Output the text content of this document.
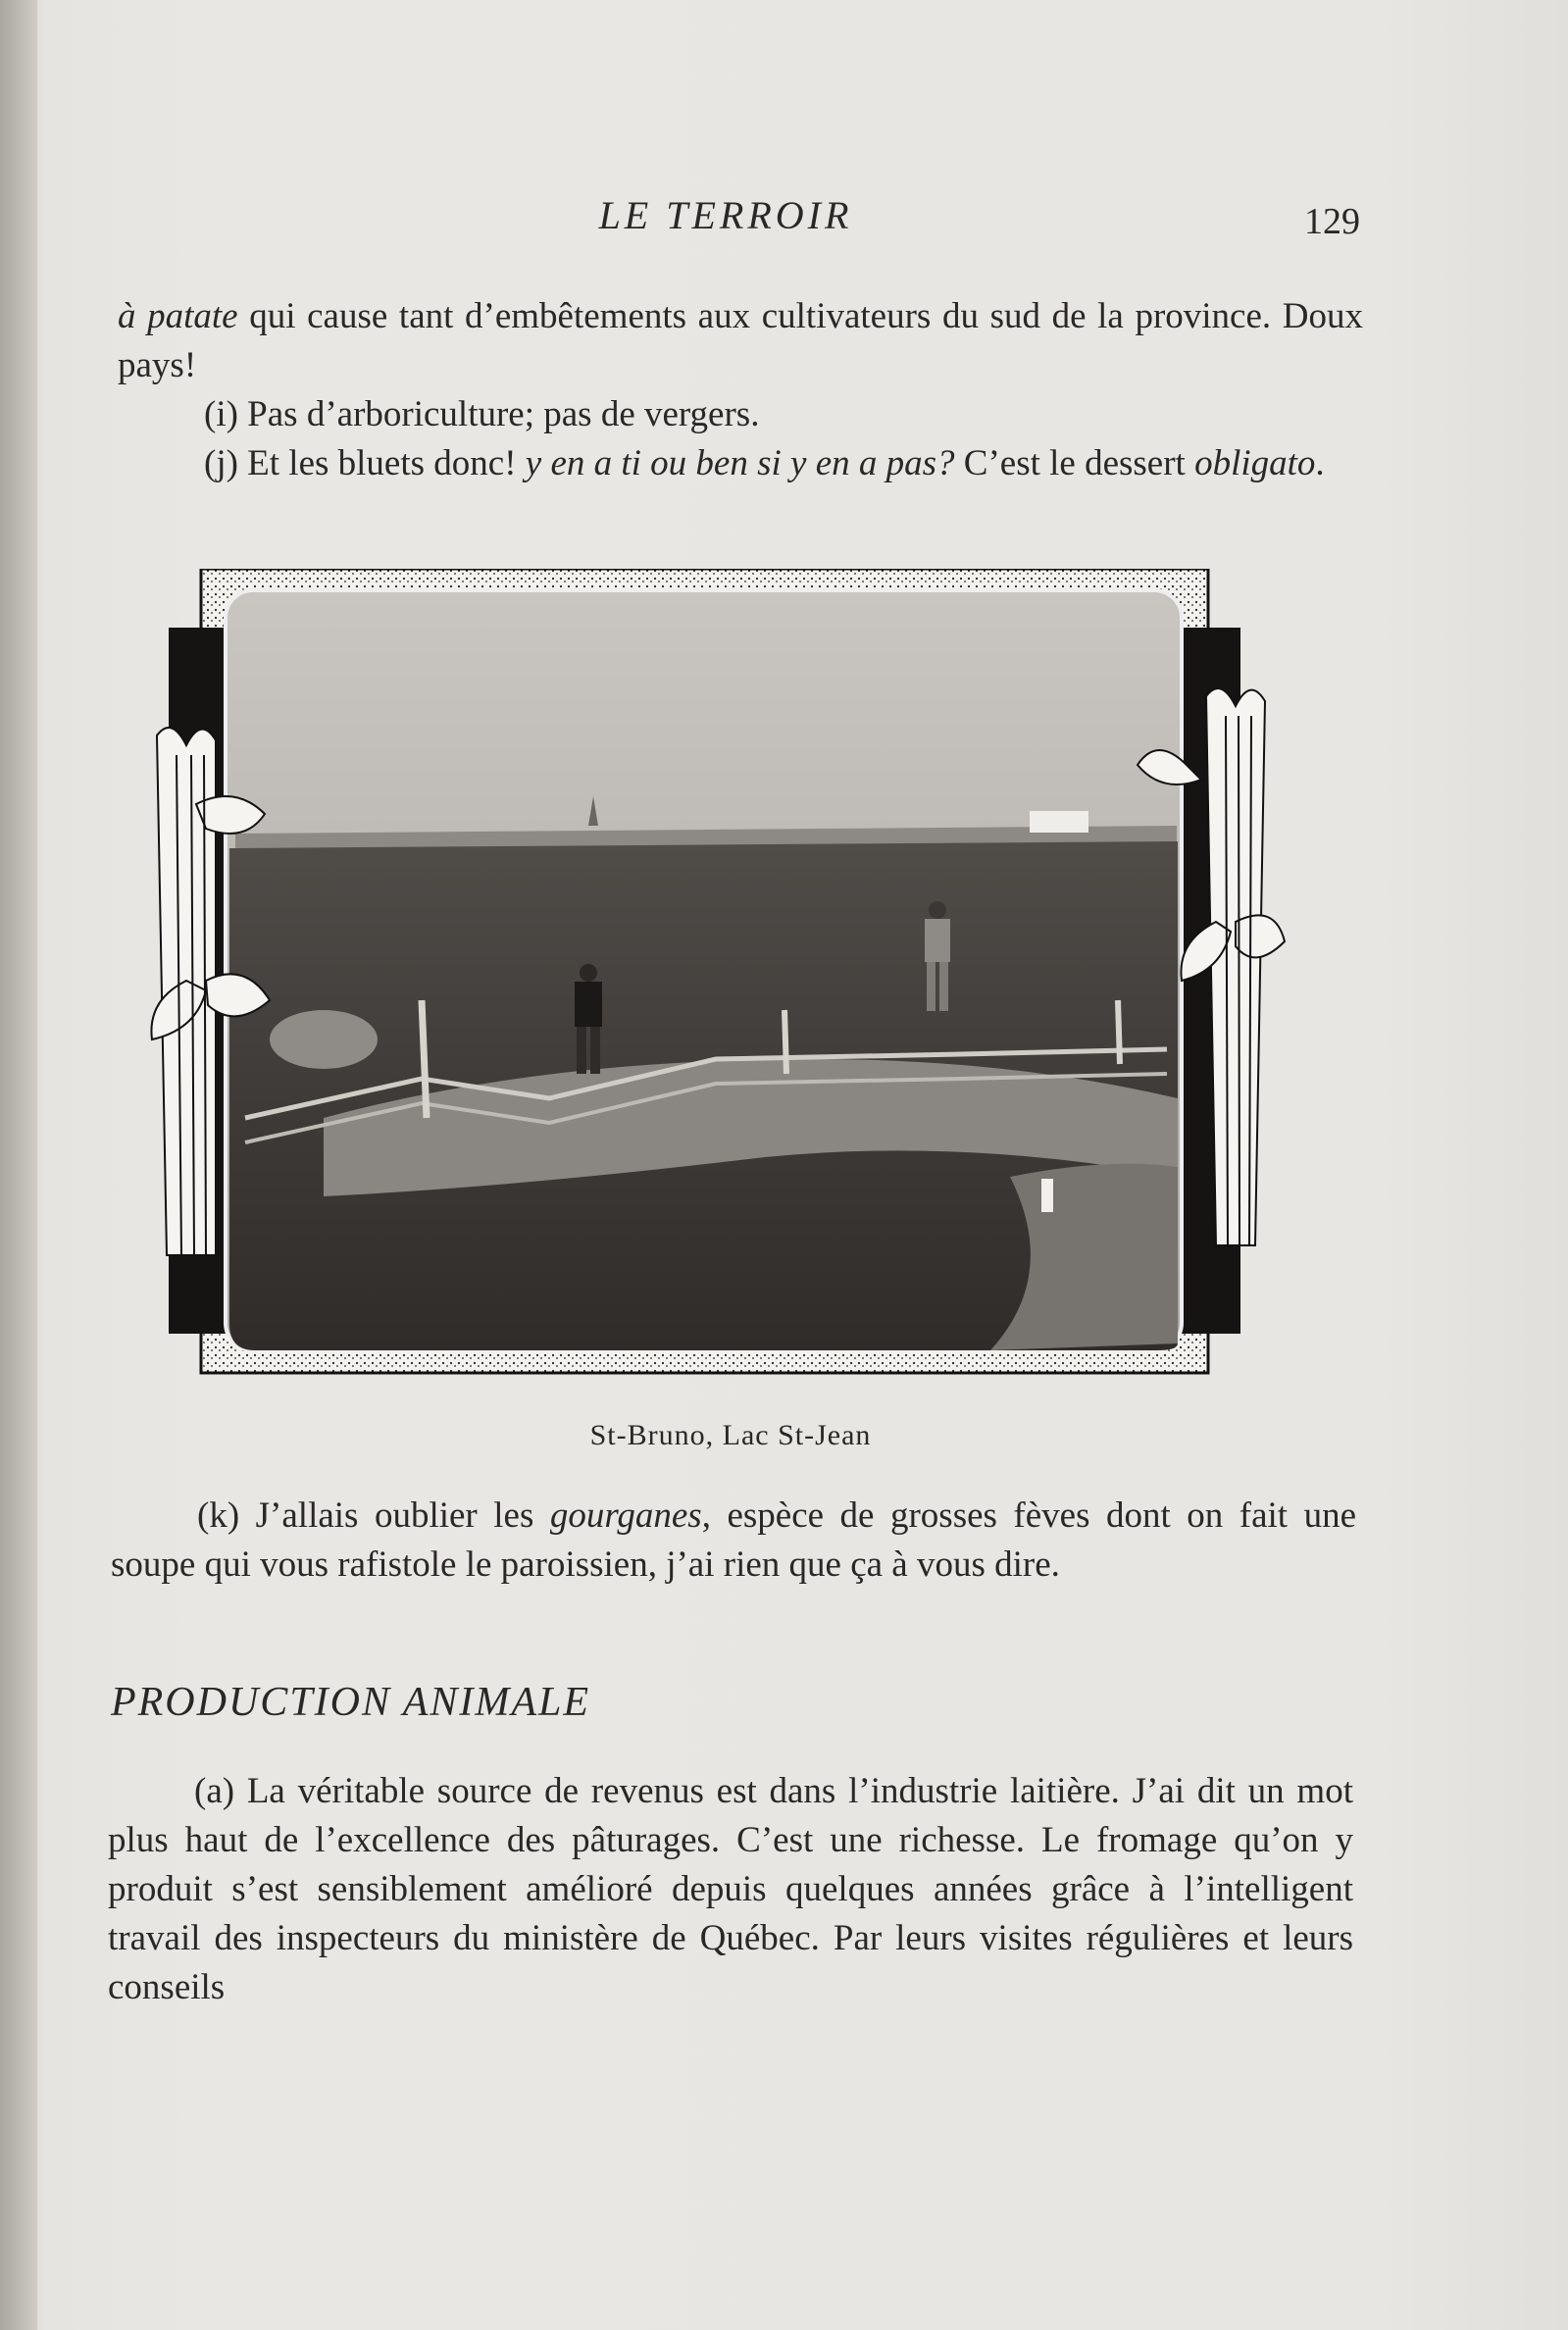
LE TERROIR	129

à patate qui cause tant d’embêtements aux cultivateurs du sud de la province. Doux pays!

(i) Pas d’arboriculture; pas de vergers.

(j) Et les bluets donc! y en a ti ou ben si y en a pas? C’est le dessert obligato.

St-Bruno, Lac St-Jean

(k) J’allais oublier les gourganes, espèce de grosses fèves dont on fait une soupe qui vous rafistole le paroissien, j’ai rien que ça à vous dire.

PRODUCTION ANIMALE

(a) La véritable source de revenus est dans l’industrie laitière. J’ai dit un mot plus haut de l’excellence des pâturages. C’est une richesse. Le fromage qu’on y produit s’est sensiblement amélioré depuis quelques années grâce à l’intelligent travail des inspecteurs du ministère de Québec. Par leurs visites régulières et leurs conseils
